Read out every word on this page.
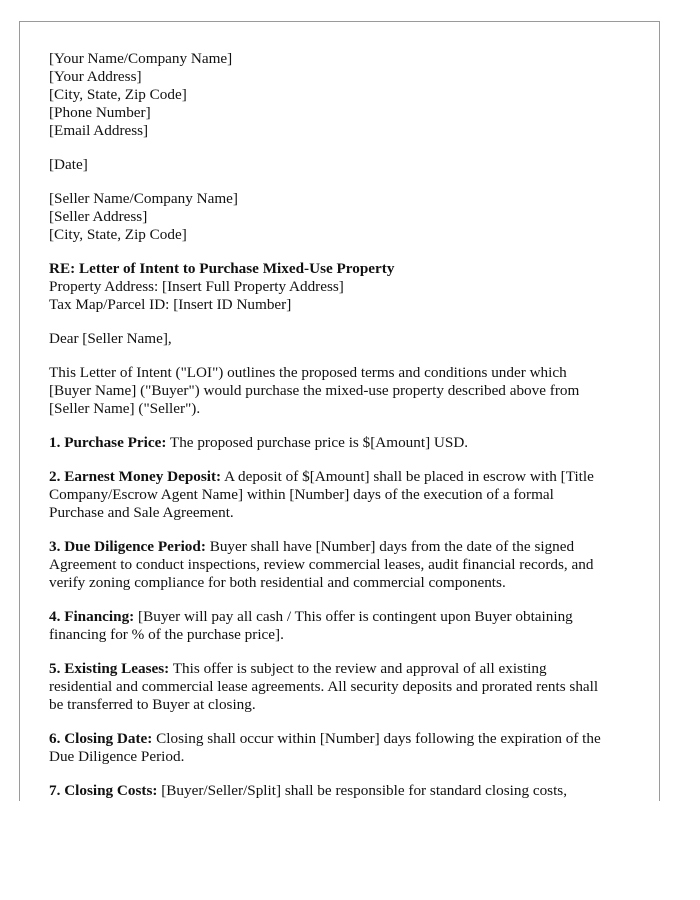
[Your Name/Company Name]
[Your Address]
[City, State, Zip Code]
[Phone Number]
[Email Address]
[Date]
[Seller Name/Company Name]
[Seller Address]
[City, State, Zip Code]
RE: Letter of Intent to Purchase Mixed-Use Property
Property Address: [Insert Full Property Address]
Tax Map/Parcel ID: [Insert ID Number]
Dear [Seller Name],
This Letter of Intent ("LOI") outlines the proposed terms and conditions under which
[Buyer Name] ("Buyer") would purchase the mixed-use property described above from
[Seller Name] ("Seller").
1. Purchase Price: The proposed purchase price is $[Amount] USD.
2. Earnest Money Deposit: A deposit of $[Amount] shall be placed in escrow with [Title
Company/Escrow Agent Name] within [Number] days of the execution of a formal
Purchase and Sale Agreement.
3. Due Diligence Period: Buyer shall have [Number] days from the date of the signed
Agreement to conduct inspections, review commercial leases, audit financial records, and
verify zoning compliance for both residential and commercial components.
4. Financing: [Buyer will pay all cash / This offer is contingent upon Buyer obtaining
financing for % of the purchase price].
5. Existing Leases: This offer is subject to the review and approval of all existing
residential and commercial lease agreements. All security deposits and prorated rents shall
be transferred to Buyer at closing.
6. Closing Date: Closing shall occur within [Number] days following the expiration of the
Due Diligence Period.
7. Closing Costs: [Buyer/Seller/Split] shall be responsible for standard closing costs,
